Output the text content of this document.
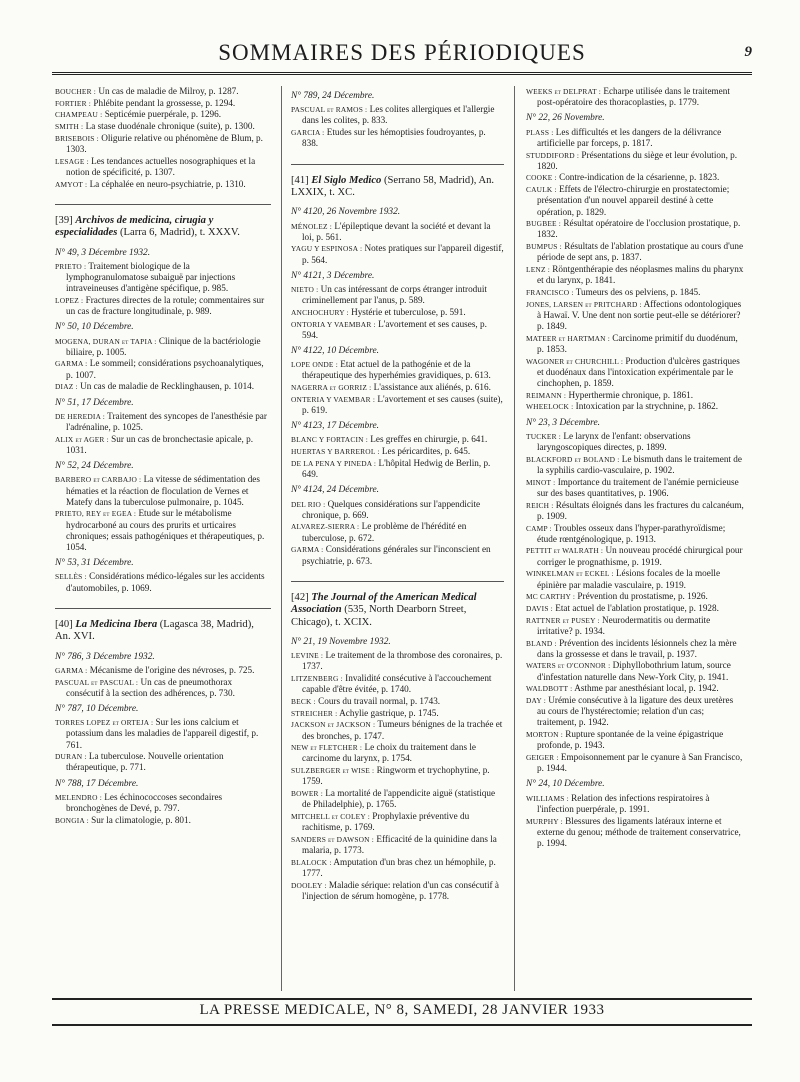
SOMMAIRES DES PÉRIODIQUES	9
BOUCHER : Un cas de maladie de Milroy, p. 1287.
FORTIER : Phlébite pendant la grossesse, p. 1294.
CHAMPEAU : Septicémie puerpérale, p. 1296.
SMITH : La stase duodénale chronique (suite), p. 1300.
BRISEBOIS : Oligurie relative ou phénomène de Blum, p. 1303.
LESAGE : Les tendances actuelles nosographiques et la notion de spécificité, p. 1307.
AMYOT : La céphalée en neuro-psychiatrie, p. 1310.
[39] Archivos de medicina, cirugia y especialidades (Larra 6, Madrid), t. XXXV.
N° 49, 3 Décembre 1932.
PRIETO : Traitement biologique de la lymphogranulomatose subaiguë par injections intraveineuses d'antigène spécifique, p. 985.
LOPEZ : Fractures directes de la rotule; commentaires sur un cas de fracture longitudinale, p. 989.
N° 50, 10 Décembre.
MOGENA, DURAN et TAPIA : Clinique de la bactériologie biliaire, p. 1005.
GARMA : Le sommeil; considérations psychoanalytiques, p. 1007.
DIAZ : Un cas de maladie de Recklinghausen, p. 1014.
N° 51, 17 Décembre.
DE HEREDIA : Traitement des syncopes de l'anesthésie par l'adrénaline, p. 1025.
ALIX et AGER : Sur un cas de bronchectasie apicale, p. 1031.
N° 52, 24 Décembre.
BARBERO et CARBAJO : La vitesse de sédimentation des hématies et la réaction de floculation de Vernes et Matefy dans la tuberculose pulmonaire, p. 1045.
PRIETO, REY et EGEA : Etude sur le métabolisme hydrocarboné au cours des prurits et urticaires chroniques; essais pathogéniques et thérapeutiques, p. 1054.
N° 53, 31 Décembre.
SELLÈS : Considérations médico-légales sur les accidents d'automobiles, p. 1069.
[40] La Medicina Ibera (Lagasca 38, Madrid), An. XVI.
N° 786, 3 Décembre 1932.
GARMA : Mécanisme de l'origine des névroses, p. 725.
PASCUAL et PASCUAL : Un cas de pneumothorax consécutif à la section des adhérences, p. 730.
N° 787, 10 Décembre.
TORRES LOPEZ et ORTEJA : Sur les ions calcium et potassium dans les maladies de l'appareil digestif, p. 761.
DURAN : La tuberculose. Nouvelle orientation thérapeutique, p. 771.
N° 788, 17 Décembre.
MELENDRO : Les échinococcoses secondaires bronchogènes de Devé, p. 797.
BONGIA : Sur la climatologie, p. 801.
N° 789, 24 Décembre.
PASCUAL et RAMOS : Les colites allergiques et l'allergie dans les colites, p. 833.
GARCIA : Etudes sur les hémoptisies foudroyantes, p. 838.
[41] El Siglo Medico (Serrano 58, Madrid), An. LXXIX, t. XC.
N° 4120, 26 Novembre 1932.
MÉNOLEZ : L'épileptique devant la société et devant la loi, p. 561.
YAGU Y ESPINOSA : Notes pratiques sur l'appareil digestif, p. 564.
N° 4121, 3 Décembre.
NIETO : Un cas intéressant de corps étranger introduit criminellement par l'anus, p. 589.
ANCHOCHURY : Hystérie et tuberculose, p. 591.
ONTORIA Y VAEMBAR : L'avortement et ses causes, p. 594.
N° 4122, 10 Décembre.
LOPE ONDE : Etat actuel de la pathogénie et de la thérapeutique des hyperhémies gravidiques, p. 613.
NAGERRA et GORRIZ : L'assistance aux aliénés, p. 616.
ONTERIA Y VAEMBAR : L'avortement et ses causes (suite), p. 619.
N° 4123, 17 Décembre.
BLANC Y FORTACIN : Les greffes en chirurgie, p. 641.
HUERTAS Y BARREROL : Les péricardites, p. 645.
DE LA PENA Y PINEDA : L'hôpital Hedwig de Berlin, p. 649.
N° 4124, 24 Décembre.
DEL RIO : Quelques considérations sur l'appendicite chronique, p. 669.
ALVAREZ-SIERRA : Le problème de l'hérédité en tuberculose, p. 672.
GARMA : Considérations générales sur l'inconscient en psychiatrie, p. 673.
[42] The Journal of the American Medical Association (535, North Dearborn Street, Chicago), t. XCIX.
N° 21, 19 Novembre 1932.
LEVINE : Le traitement de la thrombose des coronaires, p. 1737.
LITZENBERG : Invalidité consécutive à l'accouchement capable d'être évitée, p. 1740.
BECK : Cours du travail normal, p. 1743.
STREICHER : Achylie gastrique, p. 1745.
JACKSON et JACKSON : Tumeurs bénignes de la trachée et des bronches, p. 1747.
NEW et FLETCHER : Le choix du traitement dans le carcinome du larynx, p. 1754.
SULZBERGER et WISE : Ringworm et trychophytine, p. 1759.
BOWER : La mortalité de l'appendicite aiguë (statistique de Philadelphie), p. 1765.
MITCHELL et COLEY : Prophylaxie préventive du rachitisme, p. 1769.
SANDERS et DAWSON : Efficacité de la quinidine dans la malaria, p. 1773.
BLALOCK : Amputation d'un bras chez un hémophile, p. 1777.
DOOLEY : Maladie sérique: relation d'un cas consécutif à l'injection de sérum homogène, p. 1778.
WEEKS et DELPRAT : Echarpe utilisée dans le traitement post-opératoire des thoracoplasties, p. 1779.
N° 22, 26 Novembre.
PLASS : Les difficultés et les dangers de la délivrance artificielle par forceps, p. 1817.
STUDDIFORD : Présentations du siège et leur évolution, p. 1820.
COOKE : Contre-indication de la césarienne, p. 1823.
CAULK : Effets de l'électro-chirurgie en prostatectomie; présentation d'un nouvel appareil destiné à cette opération, p. 1829.
BUGBEE : Résultat opératoire de l'occlusion prostatique, p. 1832.
BUMPUS : Résultats de l'ablation prostatique au cours d'une période de sept ans, p. 1837.
LENZ : Röntgenthérapie des néoplasmes malins du pharynx et du larynx, p. 1841.
FRANCISCO : Tumeurs des os pelviens, p. 1845.
JONES, LARSEN et PRITCHARD : Affections odontologiques à Hawaï. V. Une dent non sortie peut-elle se détériorer? p. 1849.
MATEER et HARTMAN : Carcinome primitif du duodénum, p. 1853.
WAGONER et CHURCHILL : Production d'ulcères gastriques et duodénaux dans l'intoxication expérimentale par le cinchophen, p. 1859.
REIMANN : Hyperthermie chronique, p. 1861.
WHEELOCK : Intoxication par la strychnine, p. 1862.
N° 23, 3 Décembre.
TUCKER : Le larynx de l'enfant: observations laryngoscopiques directes, p. 1899.
BLACKFORD et BOLAND : Le bismuth dans le traitement de la syphilis cardio-vasculaire, p. 1902.
MINOT : Importance du traitement de l'anémie pernicieuse sur des bases quantitatives, p. 1906.
REICH : Résultats éloignés dans les fractures du calcanéum, p. 1909.
CAMP : Troubles osseux dans l'hyper-parathyroïdisme; étude rœntgénologique, p. 1913.
PETTIT et WALRATH : Un nouveau procédé chirurgical pour corriger le prognathisme, p. 1919.
WINKELMAN et ECKEL : Lésions focales de la moelle épinière par maladie vasculaire, p. 1919.
MC CARTHY : Prévention du prostatisme, p. 1926.
DAVIS : Etat actuel de l'ablation prostatique, p. 1928.
RATTNER et PUSEY : Neurodermatitis ou dermatite irritative? p. 1934.
BLAND : Prévention des incidents lésionnels chez la mère dans la grossesse et dans le travail, p. 1937.
WATERS et O'CONNOR : Diphyllobothrium latum, source d'infestation naturelle dans New-York City, p. 1941.
WALDBOTT : Asthme par anesthésiant local, p. 1942.
DAY : Urémie consécutive à la ligature des deux uretères au cours de l'hystérectomie; relation d'un cas; traitement, p. 1942.
MORTON : Rupture spontanée de la veine épigastrique profonde, p. 1943.
GEIGER : Empoisonnement par le cyanure à San Francisco, p. 1944.
N° 24, 10 Décembre.
WILLIAMS : Relation des infections respiratoires à l'infection puerpérale, p. 1991.
MURPHY : Blessures des ligaments latéraux interne et externe du genou; méthode de traitement conservatrice, p. 1994.
LA PRESSE MEDICALE, N° 8, SAMEDI, 28 JANVIER 1933
